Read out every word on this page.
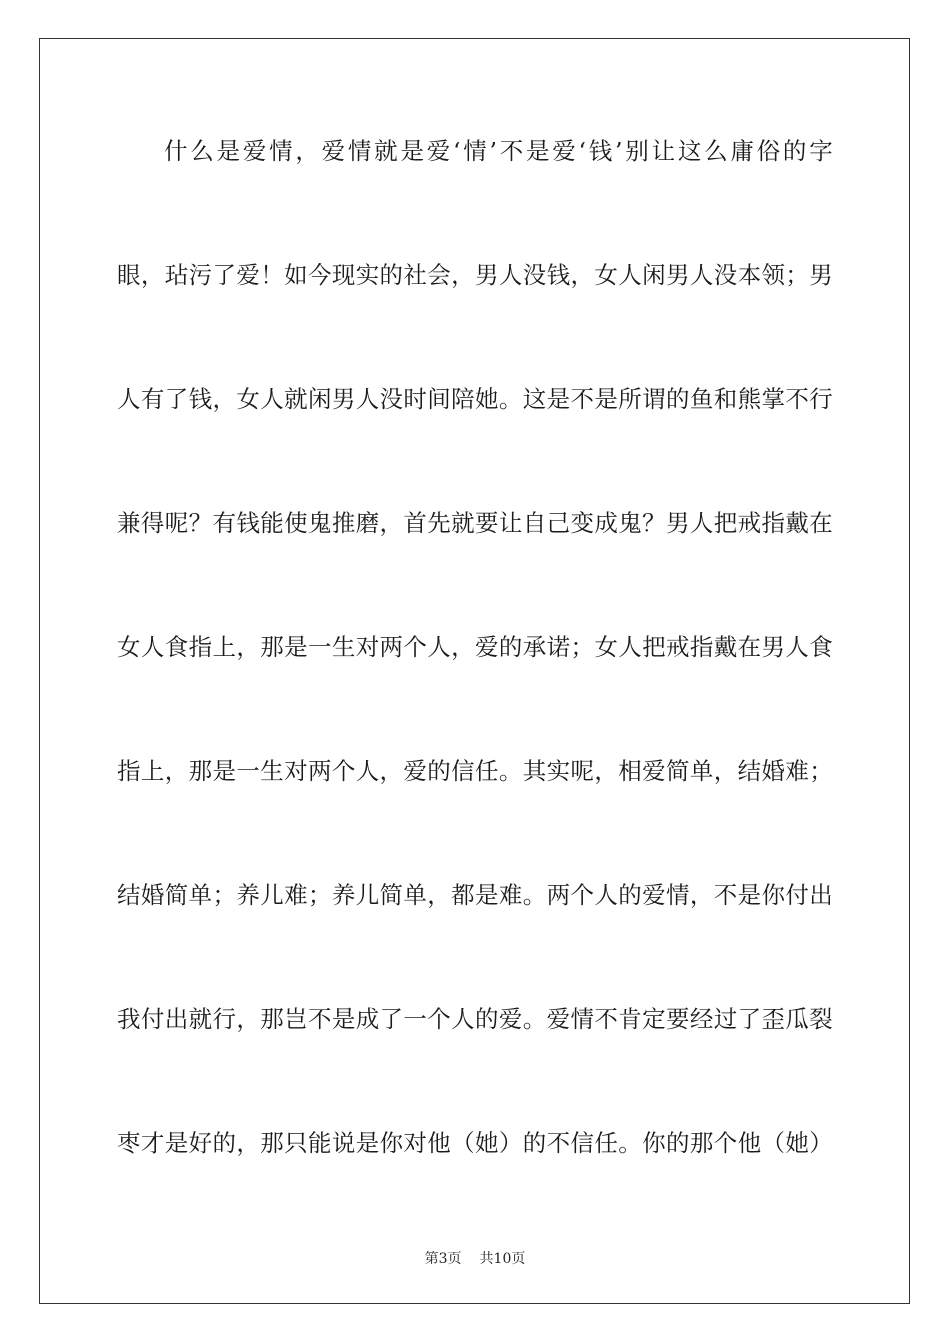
什么是爱情，爱情就是爱‘情’不是爱‘钱’别让这么庸俗的字
眼，玷污了爱！如今现实的社会，男人没钱，女人闲男人没本领；男
人有了钱，女人就闲男人没时间陪她。这是不是所谓的鱼和熊掌不行
兼得呢？有钱能使鬼推磨，首先就要让自己变成鬼？男人把戒指戴在
女人食指上，那是一生对两个人，爱的承诺；女人把戒指戴在男人食
指上，那是一生对两个人，爱的信任。其实呢，相爱简单，结婚难；
结婚简单；养儿难；养儿简单，都是难。两个人的爱情，不是你付出
我付出就行，那岂不是成了一个人的爱。爱情不肯定要经过了歪瓜裂
枣才是好的，那只能说是你对他（她）的不信任。你的那个他（她）
第3页 共10页
